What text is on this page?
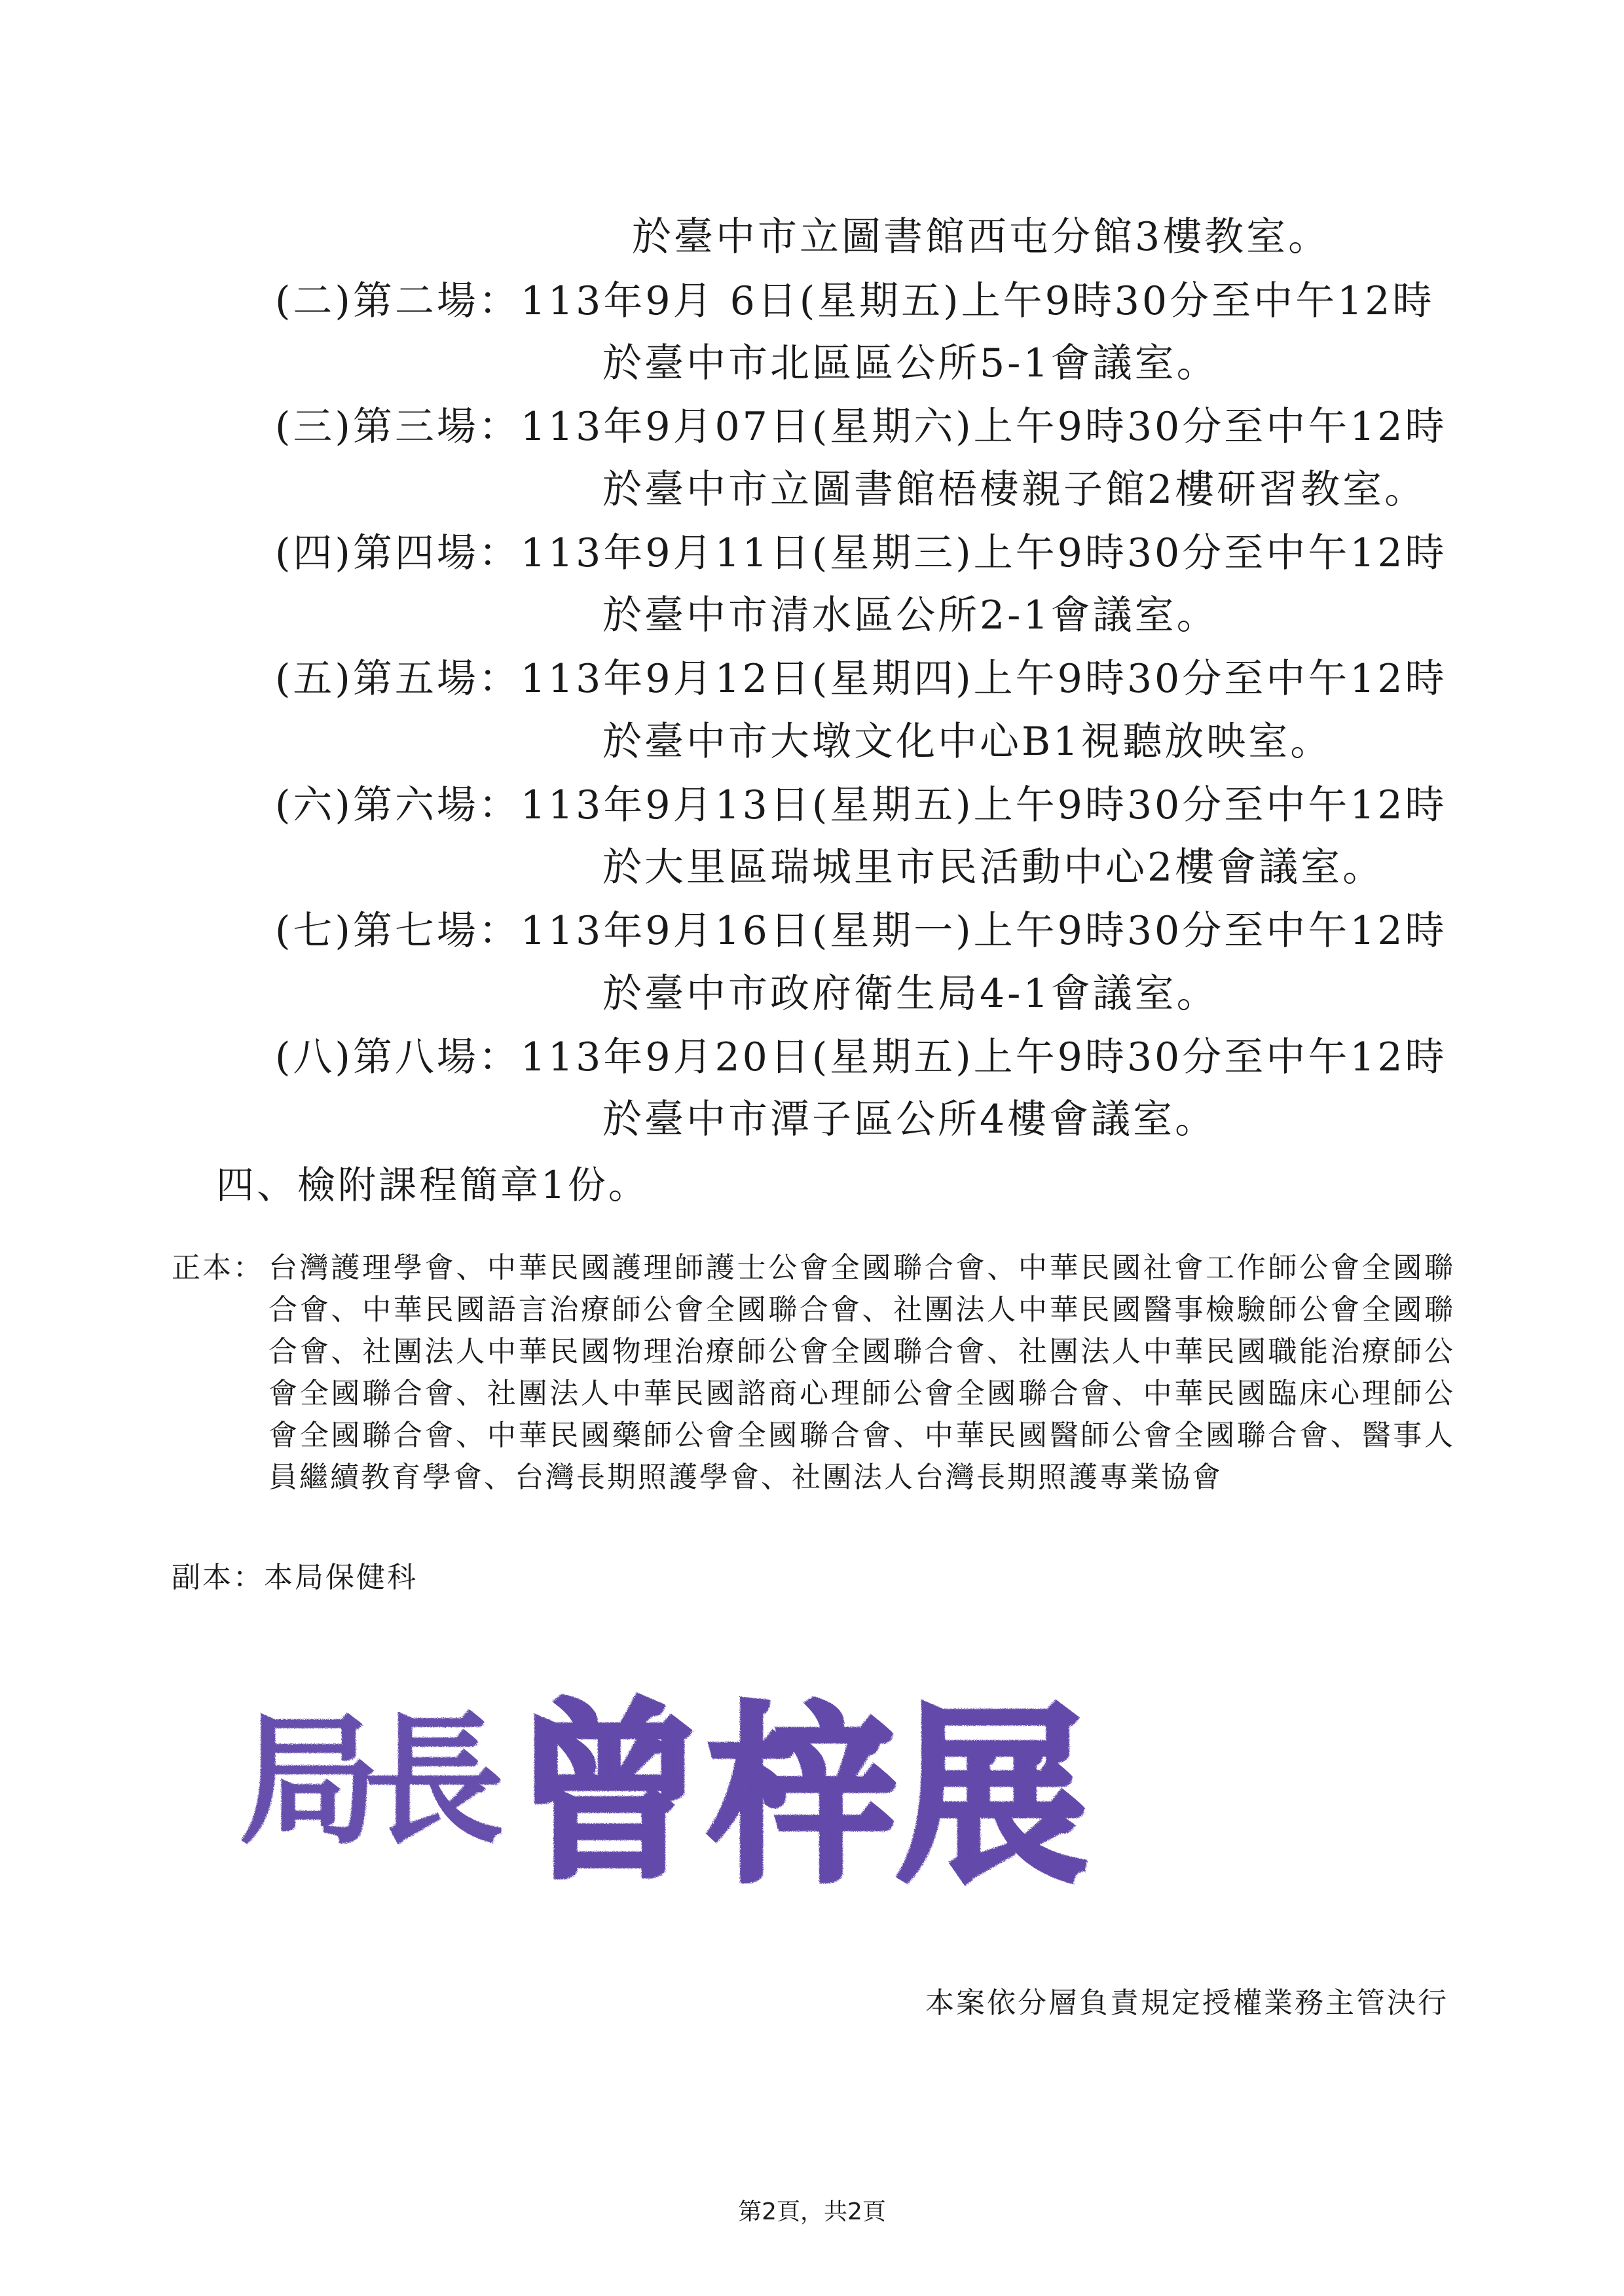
於臺中市立圖書館西屯分館3樓教室。
(二)第二場：113年9月 6日(星期五)上午9時30分至中午12時
於臺中市北區區公所5-1會議室。
(三)第三場：113年9月07日(星期六)上午9時30分至中午12時
於臺中市立圖書館梧棲親子館2樓研習教室。
(四)第四場：113年9月11日(星期三)上午9時30分至中午12時
於臺中市清水區公所2-1會議室。
(五)第五場：113年9月12日(星期四)上午9時30分至中午12時
於臺中市大墩文化中心B1視聽放映室。
(六)第六場：113年9月13日(星期五)上午9時30分至中午12時
於大里區瑞城里市民活動中心2樓會議室。
(七)第七場：113年9月16日(星期一)上午9時30分至中午12時
於臺中市政府衛生局4-1會議室。
(八)第八場：113年9月20日(星期五)上午9時30分至中午12時
於臺中市潭子區公所4樓會議室。
四、檢附課程簡章1份。
正本： 台灣護理學會、中華民國護理師護士公會全國聯合會、中華民國社會工作師公會全國聯合會、中華民國語言治療師公會全國聯合會、社團法人中華民國醫事檢驗師公會全國聯合會、社團法人中華民國物理治療師公會全國聯合會、社團法人中華民國職能治療師公會全國聯合會、社團法人中華民國諮商心理師公會全國聯合會、中華民國臨床心理師公會全國聯合會、中華民國藥師公會全國聯合會、中華民國醫師公會全國聯合會、醫事人員繼續教育學會、台灣長期照護學會、社團法人台灣長期照護專業協會
副本：本局保健科
局
長 曾 梓 展
本案依分層負責規定授權業務主管決行
第2頁，共2頁
